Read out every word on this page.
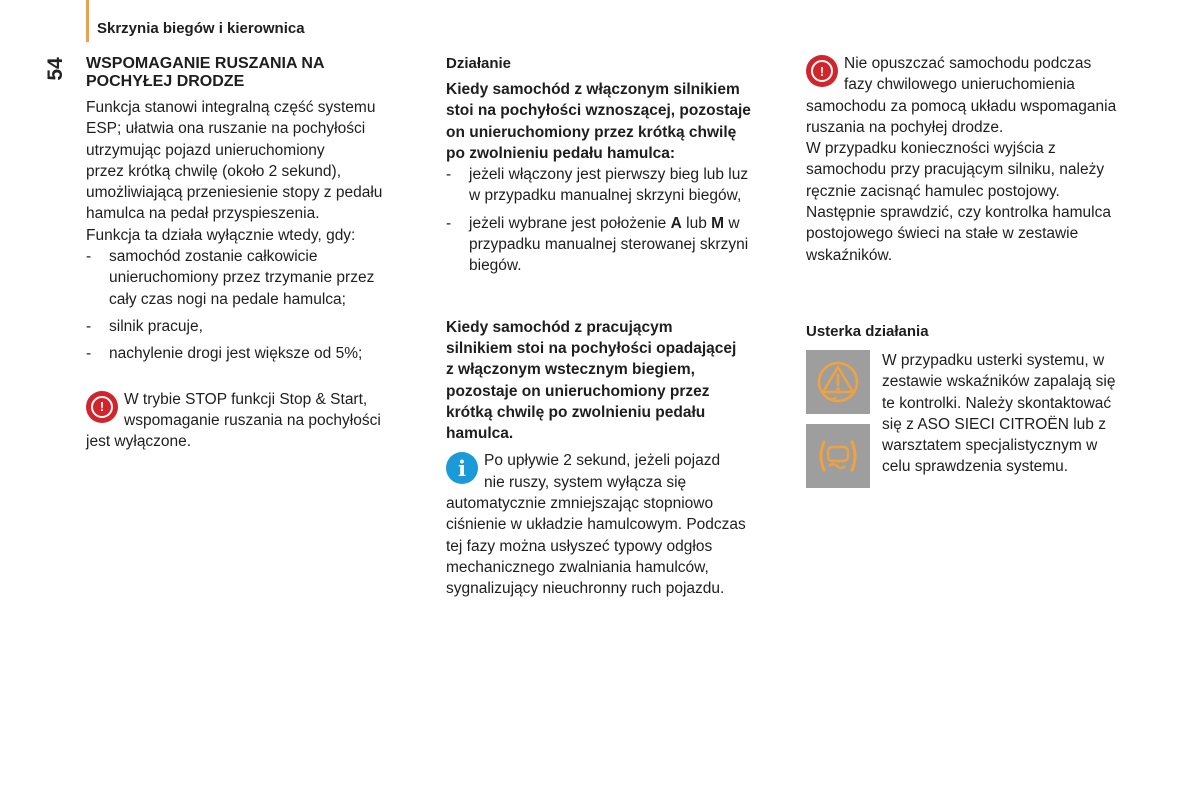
Skrzynia biegów i kierownica
54 WSPOMAGANIE RUSZANIA NA
POCHYŁEJ DRODZE

Funkcja stanowi integralną część systemu
ESP; ułatwia ona ruszanie na pochyłości
utrzymując pojazd unieruchomiony
przez krótką chwilę (około 2 sekund),
umożliwiającą przeniesienie stopy z pedału
hamulca na pedał przyspieszenia.

Funkcja ta działa wyłącznie wtedy, gdy:

- samochód zostanie całkowicie
unieruchomiony przez trzymanie przez
cały czas nogi na pedale hamulca;
- silnik pracuje,
- nachylenie drogi jest większe od 5%;
!	W trybie STOP funkcji Stop & Start,
wspomaganie ruszania na pochyłości
jest wyłączone.
Działanie

Kiedy samochód z włączonym silnikiem
stoi na pochyłości wznoszącej, pozostaje
on unieruchomiony przez krótką chwilę
po zwolnieniu pedału hamulca:

- jeżeli włączony jest pierwszy bieg lub luz
w przypadku manualnej skrzyni biegów,
- jeżeli wybrane jest położenie A lub M w
przypadku manualnej sterowanej skrzyni
biegów.

Kiedy samochód z pracującym
silnikiem stoi na pochyłości opadającej
z włączonym wstecznym biegiem,
pozostaje on unieruchomiony przez
krótką chwilę po zwolnieniu pedału
hamulca.

i Po upływie 2 sekund, jeżeli pojazd
nie ruszy, system wyłącza się
automatycznie zmniejszając stopniowo
ciśnienie w układzie hamulcowym. Podczas
tej fazy można usłyszeć typowy odgłos
mechanicznego zwalniania hamulców,
sygnalizujący nieuchronny ruch pojazdu.
!	Nie opuszczać samochodu podczas
fazy chwilowego unieruchomienia
samochodu za pomocą układu wspomagania
ruszania na pochyłej drodze.
W przypadku konieczności wyjścia z
samochodu przy pracującym silniku, należy
ręcznie zacisnąć hamulec postojowy.
Następnie sprawdzić, czy kontrolka hamulca
postojowego świeci na stałe w zestawie
wskaźników.
Usterka działania
W przypadku usterki systemu, w
zestawie wskaźników zapalają się
te kontrolki. Należy skontaktować
się z ASO SIECI CITROËN lub z
warsztatem specjalistycznym w
celu sprawdzenia systemu.
